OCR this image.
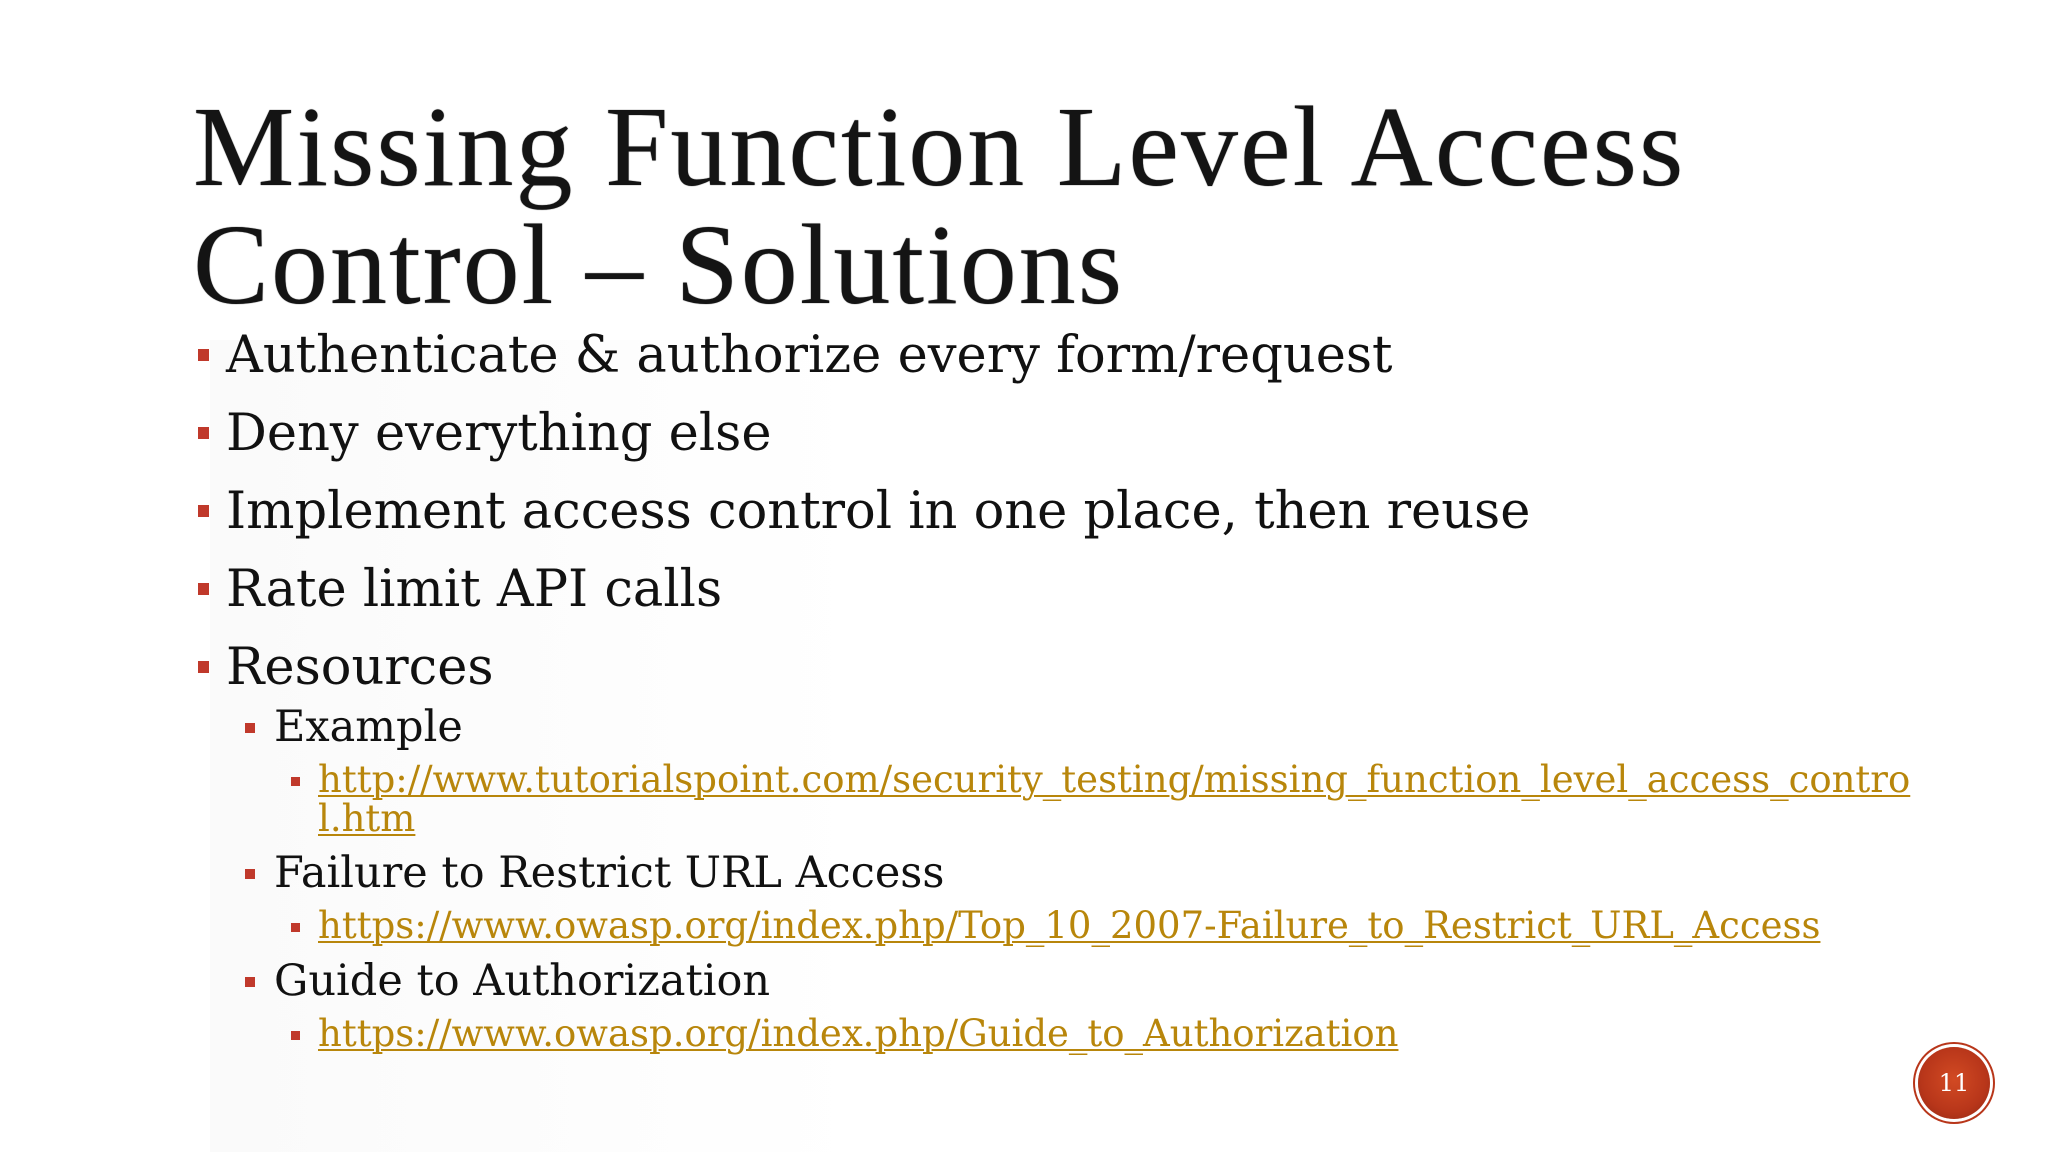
Missing Function Level Access
Control – Solutions
Authenticate & authorize every form/request
Deny everything else
Implement access control in one place, then reuse
Rate limit API calls
Resources
Example
http://www.tutorialspoint.com/security_testing/missing_function_level_access_control.htm
Failure to Restrict URL Access
https://www.owasp.org/index.php/Top_10_2007-Failure_to_Restrict_URL_Access
Guide to Authorization
https://www.owasp.org/index.php/Guide_to_Authorization
11
